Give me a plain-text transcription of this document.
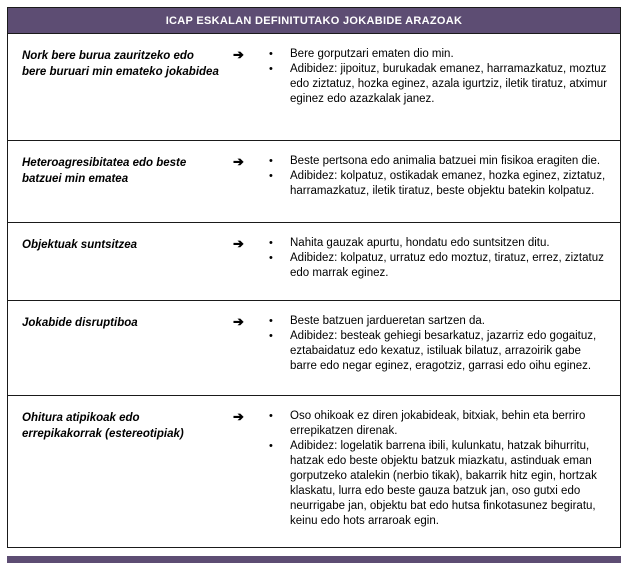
ICAP ESKALAN DEFINITUTAKO JOKABIDE ARAZOAK
Nork bere burua zauritzeko edo bere buruari min emateko jokabidea
➔	•	Bere gorputzari ematen dio min.
•	Adibidez: jipoituz, burukadak emanez, harramazkatuz, moztuz edo ziztatuz, hozka eginez, azala igurtziz, iletik tiratuz, atximur eginez edo azazkalak janez.
Heteroagresibitatea edo beste batzuei min ematea
➔	•	Beste pertsona edo animalia batzuei min fisikoa eragiten die.
•	Adibidez: kolpatuz, ostikadak emanez, hozka eginez, ziztatuz, harramazkatuz, iletik tiratuz, beste objektu batekin kolpatuz.
Objektuak suntsitzea	➔	•	Nahita gauzak apurtu, hondatu edo suntsitzen ditu.
•	Adibidez: kolpatuz, urratuz edo moztuz, tiratuz, errez, ziztatuz edo marrak eginez.
Jokabide disruptiboa	➔	•	Beste batzuen jardueretan sartzen da.
•	Adibidez: besteak gehiegi besarkatuz, jazarriz edo gogaituz, eztabaidatuz edo kexatuz, istiluak bilatuz, arrazoirik gabe barre edo negar eginez, eragotziz, garrasi edo oihu eginez.
Ohitura atipikoak edo errepikakorrak (estereotipiak)
➔	•	Oso ohikoak ez diren jokabideak, bitxiak, behin eta berriro errepikatzen direnak.
•	Adibidez: logelatik barrena ibili, kulunkatu, hatzak bihurritu, hatzak edo beste objektu batzuk miazkatu, astinduak eman gorputzeko atalekin (nerbio tikak), bakarrik hitz egin, hortzak klaskatu, lurra edo beste gauza batzuk jan, oso gutxi edo neurrigabe jan, objektu bat edo hutsa finkotasunez begiratu, keinu edo hots arraroak egin.
